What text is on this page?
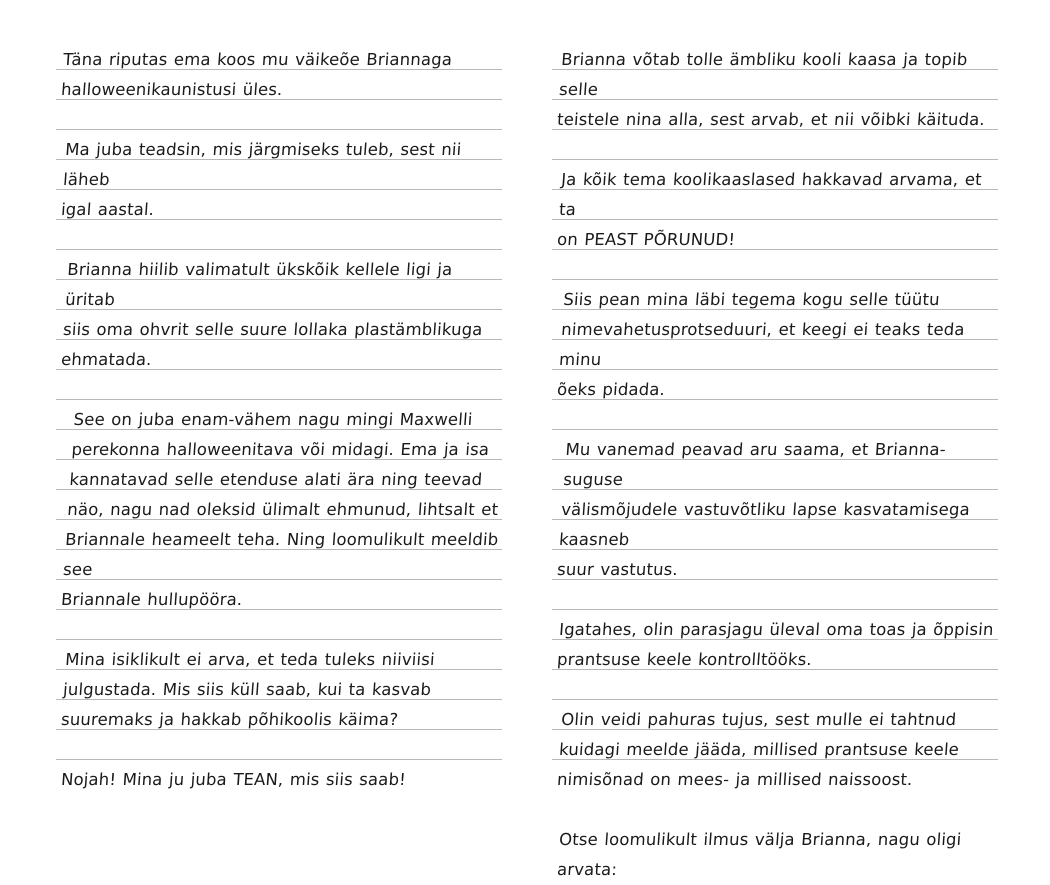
Täna riputas ema koos mu väikeõe Briannaga
halloweenikaunistusi üles.

Ma juba teadsin, mis järgmiseks tuleb, sest nii läheb
igal aastal.

Brianna hiilib valimatult ükskõik kellele ligi ja üritab
siis oma ohvrit selle suure lollaka plastämblikuga
ehmatada.

See on juba enam-vähem nagu mingi Maxwelli
perekonna halloweenitava või midagi. Ema ja isa
kannatavad selle etenduse alati ära ning teevad
näo, nagu nad oleksid ülimalt ehmunud, lihtsalt et
Briannale heameelt teha. Ning loomulikult meeldib see
Briannale hullupööra.

Mina isiklikult ei arva, et teda tuleks niiviisi
julgustada. Mis siis küll saab, kui ta kasvab
suuremaks ja hakkab põhikoolis käima?

Nojah! Mina ju juba TEAN, mis siis saab!

Brianna võtab tolle ämbliku kooli kaasa ja topib selle
teistele nina alla, sest arvab, et nii võibki käituda.

Ja kõik tema koolikaaslased hakkavad arvama, et ta
on PEAST PÕRUNUD!

Siis pean mina läbi tegema kogu selle tüütu
nimevahetusprotseduuri, et keegi ei teaks teda minu
õeks pidada.

Mu vanemad peavad aru saama, et Brianna-suguse
välismõjudele vastuvõtliku lapse kasvatamisega kaasneb
suur vastutus.

Igatahes, olin parasjagu üleval oma toas ja õppisin
prantsuse keele kontrolltööks.

Olin veidi pahuras tujus, sest mulle ei tahtnud
kuidagi meelde jääda, millised prantsuse keele
nimisõnad on mees- ja millised naissoost.

Otse loomulikult ilmus välja Brianna, nagu oligi
arvata:
